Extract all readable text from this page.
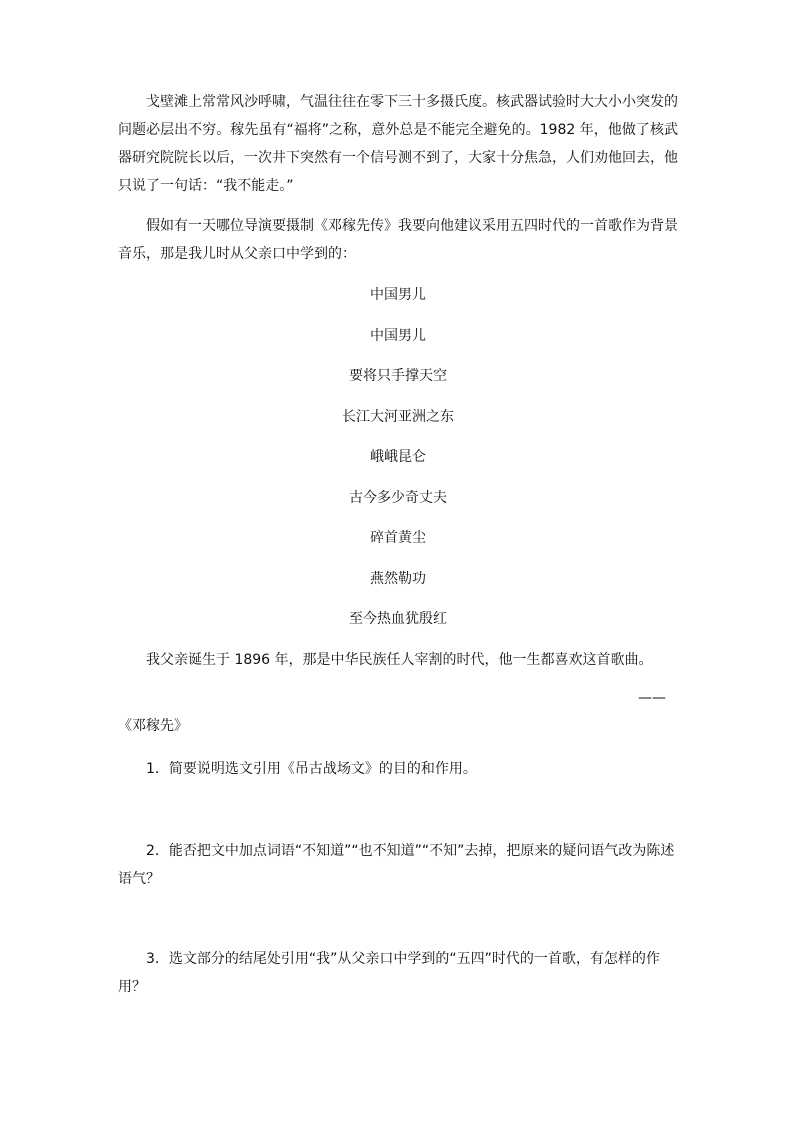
戈壁滩上常常风沙呼啸，气温往往在零下三十多摄氏度。核武器试验时大大小小突发的问题必层出不穷。稼先虽有“福将”之称，意外总是不能完全避免的。1982 年，他做了核武器研究院院长以后，一次井下突然有一个信号测不到了，大家十分焦急，人们劝他回去，他只说了一句话：“我不能走。”

假如有一天哪位导演要摄制《邓稼先传》我要向他建议采用五四时代的一首歌作为背景音乐，那是我儿时从父亲口中学到的：

中国男儿
中国男儿
要将只手撑天空
长江大河亚洲之东
峨峨昆仑
古今多少奇丈夫
碎首黄尘
燕然勒功
至今热血犹殷红

我父亲诞生于 1896 年，那是中华民族任人宰割的时代，他一生都喜欢这首歌曲。

——
《邓稼先》

1．简要说明选文引用《吊古战场文》的目的和作用。

2．能否把文中加点词语“不知道”“也不知道”“不知”去掉，把原来的疑问语气改为陈述语气？

3．选文部分的结尾处引用“我”从父亲口中学到的“五四”时代的一首歌，有怎样的作用？
